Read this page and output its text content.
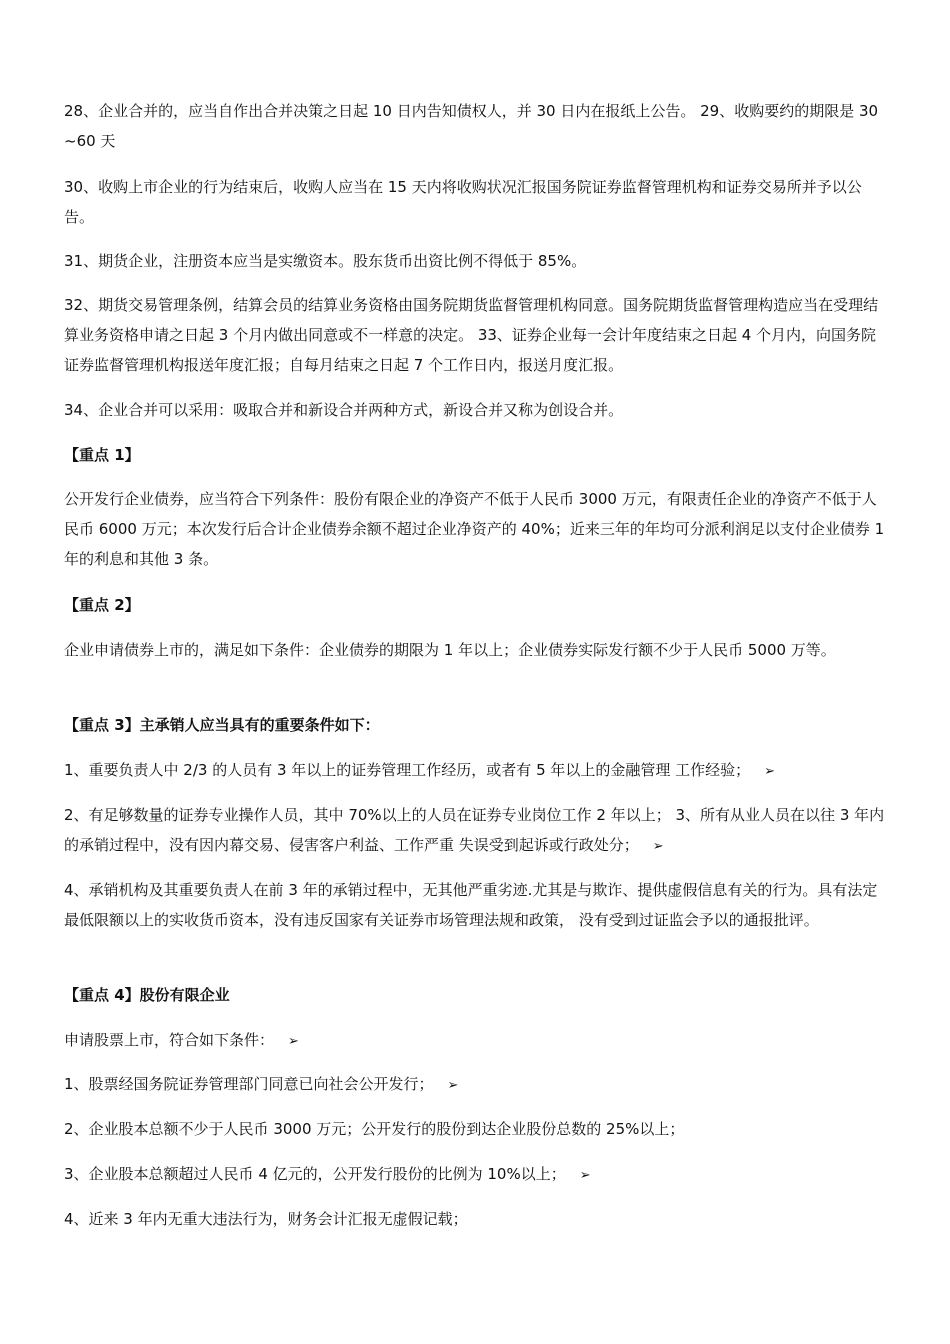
28、企业合并的，应当自作出合并决策之日起 10 日内告知债权人，并 30 日内在报纸上公告。 29、收购要约的期限是 30~60 天

30、收购上市企业的行为结束后，收购人应当在 15 天内将收购状况汇报国务院证券监督管理机构和证券交易所并予以公告。

31、期货企业，注册资本应当是实缴资本。股东货币出资比例不得低于 85%。

32、期货交易管理条例，结算会员的结算业务资格由国务院期货监督管理机构同意。国务院期货监督管理构造应当在受理结算业务资格申请之日起 3 个月内做出同意或不一样意的决定。 33、证券企业每一会计年度结束之日起 4 个月内，向国务院证券监督管理机构报送年度汇报；自每月结束之日起 7 个工作日内，报送月度汇报。

34、企业合并可以采用：吸取合并和新设合并两种方式，新设合并又称为创设合并。

【重点 1】

公开发行企业债券，应当符合下列条件：股份有限企业的净资产不低于人民币 3000 万元，有限责任企业的净资产不低于人民币 6000 万元；本次发行后合计企业债券余额不超过企业净资产的 40%；近来三年的年均可分派利润足以支付企业债券 1 年的利息和其他 3 条。

【重点 2】

企业申请债券上市的，满足如下条件：企业债券的期限为 1 年以上；企业债券实际发行额不少于人民币 5000 万等。

【重点 3】主承销人应当具有的重要条件如下：

1、重要负责人中 2/3 的人员有 3 年以上的证券管理工作经历，或者有 5 年以上的金融管理 工作经验； ➢

2、有足够数量的证券专业操作人员，其中 70%以上的人员在证券专业岗位工作 2 年以上； 3、所有从业人员在以往 3 年内的承销过程中，没有因内幕交易、侵害客户利益、工作严重 失误受到起诉或行政处分； ➢

4、承销机构及其重要负责人在前 3 年的承销过程中，无其他严重劣迹.尤其是与欺诈、提供虚假信息有关的行为。具有法定最低限额以上的实收货币资本，没有违反国家有关证券市场管理法规和政策， 没有受到过证监会予以的通报批评。

【重点 4】股份有限企业

申请股票上市，符合如下条件： ➢

1、股票经国务院证券管理部门同意已向社会公开发行； ➢

2、企业股本总额不少于人民币 3000 万元；公开发行的股份到达企业股份总数的 25%以上；

3、企业股本总额超过人民币 4 亿元的，公开发行股份的比例为 10%以上； ➢

4、近来 3 年内无重大违法行为，财务会计汇报无虚假记载；
